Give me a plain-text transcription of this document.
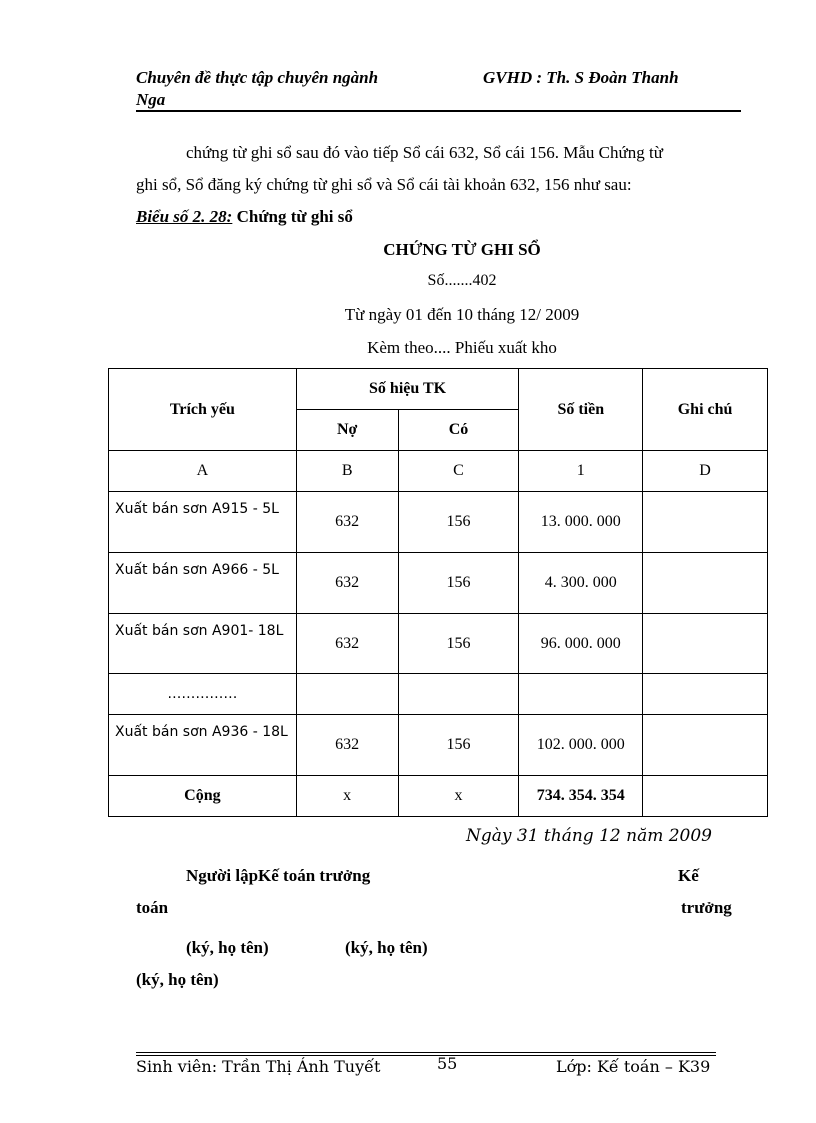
Chuyên đề thực tập chuyên ngành
Nga
GVHD : Th. S Đoàn Thanh
chứng từ ghi sổ sau đó vào tiếp Sổ cái 632, Sổ cái 156. Mẫu Chứng từ
ghi sổ, Sổ đăng ký chứng từ ghi sổ và Sổ cái tài khoản 632, 156 như sau:
Biểu số 2. 28: Chứng từ ghi sổ
CHỨNG TỪ GHI SỔ
Số.......402
Từ ngày 01 đến 10 tháng 12/ 2009
Kèm theo.... Phiếu xuất kho
Trích yếu	Số hiệu TK		Số tiền	Ghi chú
	Nợ	Có		
A	B	C	1	D
Xuất bán sơn A915 - 5L	632	156	13. 000. 000	
Xuất bán sơn A966 - 5L	632	156	4. 300. 000	
Xuất bán sơn A901- 18L	632	156	96. 000. 000	
……………				
Xuất bán sơn A936 - 18L	632	156	102. 000. 000	
Cộng	x	x	734. 354. 354	
Ngày 31 tháng 12 năm 2009
Người lậpKế toán trưởng	Kế
toán	trưởng
(ký, họ tên)	(ký, họ tên)
(ký, họ tên)
Sinh viên: Trần Thị Ánh Tuyết	55	Lớp: Kế toán – K39
